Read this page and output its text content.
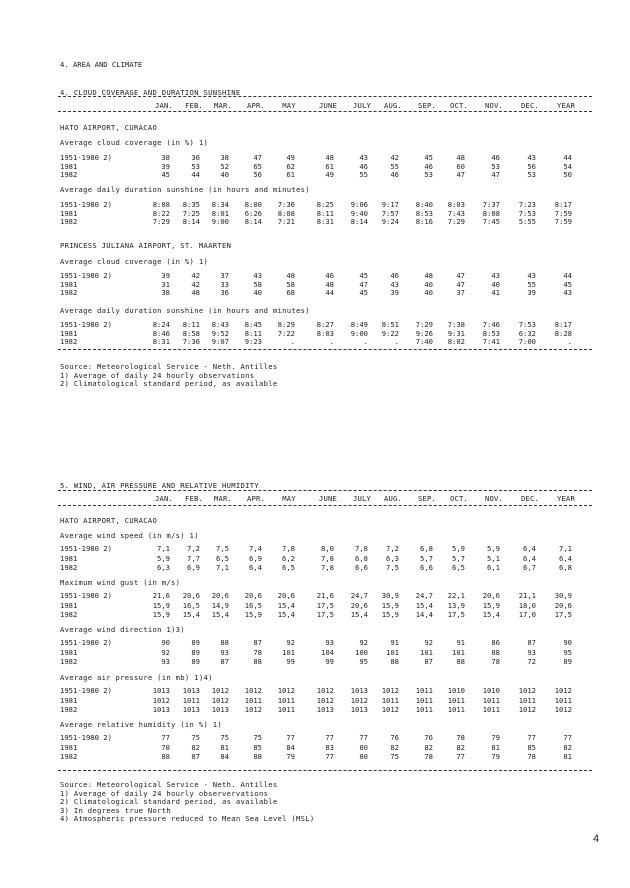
4. AREA AND CLIMATE
4
4. CLOUD COVERAGE AND DURATION SUNSHINE
JAN. FEB. MAR. APR. MAY	JUNE JULY AUG. SEP. OCT. NOV. DEC. YEAR
HATO AIRPORT, CURACAO
Average cloud coverage (in %) 1)
1951-1980 2)	38	36	38	47	49	48	43	42	45	48	46	43	44
1981	39	53	52	65	62	61	46	55	46	60	53	56	54
1982	45	44	40	56	61	49	55	46	53	47	47	53	50
Average daily duration sunshine (in hours and minutes)
1951-1980 2)	8:08 8:35 8:34 8:00 7:36	8:25 9:06 9:17 8:40 8:03 7:37	7:23	8:17
1981	8:22 7:25 8:01 6:26 8:08	8:11 9:40 7:57 8:53 7:43 8:08	7:53	7:59
1982	7:29 8:14 9:00 8:14 7:21	8:31 8:14 9:24 8:16 7:29 7:45	5:55	7:59
PRINCESS JULIANA AIRPORT, ST. MAARTEN
Average cloud coverage (in %) 1)
1951-1980 2)	39	42	37	43	48	46	45	46	48	47	43	43	44
1981	31	42	33	58	58	48	47	43	40	47	40	55	45
1982	38	48	36	40	68	44	45	39	40	37	41	39	43
Average daily duration sunshine (in hours and minutes)
1951-1980 2)	8:24 8:11 8:43 8:45 8:29	8:27 8:49 8:51 7:29 7:38 7:46	7:53	8:17
1981	8:46 8:58 9:52 8:11 7:22	8:03 9:00 9:22 9:26 9:31 8:53	6:32	8:28
1982	8:31 7:36 9:07 9:23	.	.	.	. 7:40 8:02 7:41	7:00	.
Source: Meteorological Service - Neth. Antilles
1) Average of daily 24 hourly observations
2) Climatological standard period, as available
5. WIND, AIR PRESSURE AND RELATIVE HUMIDITY
JAN. FEB. MAR. APR. MAY	JUNE JULY AUG. SEP. OCT. NOV. DEC. YEAR
HATO AIRPORT, CURACAO
Average wind speed (in m/s) 1)
1951-1980 2)	7,1 7,2 7,5	7,4	7,8	8,0	7,8	7,2	6,8	5,9	5,9	6,4	7,1
1981	5,9 7,7 6,5	6,9	6,2	7,8	6,8	6,3	5,7	5,7	5,1	6,4	6,4
1982	6,3 6,9 7,1	6,4	6,5	7,8	6,6	7,5	6,6	6,5	6,1	6,7	6,8
Maximum wind gust (in m/s)
1951-1980 2)	21,6 20,6 20,6 20,6 20,6	21,6 24,7 30,9 24,7 22,1 20,6	21,1	30,9
1981	15,9 16,5 14,9 16,5 15,4	17,5 20,6 15,9 15,4 13,9 15,9	18,0	20,6
1982	15,9 15,4 15,4 15,9 15,4	17,5 15,4 15,9 14,4 17,5 15,4	17,0	17,5
Average wind direction 1)3)
1951-1980 2)	90	89	88	87	92	93	92	91	92	91	86	87	90
1981	92	89	93	78	101	104	100	101	101	101	88	93	95
1982	93	89	87	88	99	99	95	88	87	88	78	72	89
Average air pressure (in mb) 1)4)
1951-1980 2)	1013 1013 1012 1012 1012	1012 1013 1012 1011 1010 1010	1012	1012
1981	1012 1011 1012 1011 1011	1012 1012 1011 1011 1011 1011	1011	1011
1982	1013 1013 1013 1012 1011	1013 1013 1012 1011 1011 1011	1012	1012
Average relative humidity (in %) 1)
1951-1980 2)	77	75	75	75	77	77	77	76	76	78	79	77	77
1981	78	82	81	85	84	83	80	82	82	82	81	85	82
1982	88	87	84	88	79	77	80	75	78	77	79	78	81
Source: Meteorological Service - Neth. Antilles
1) Average of daily 24 hourly observervations
2) Climatological standard period, as available
3) In degrees true North
4) Atmospheric pressure reduced to Mean Sea Level (MSL)
